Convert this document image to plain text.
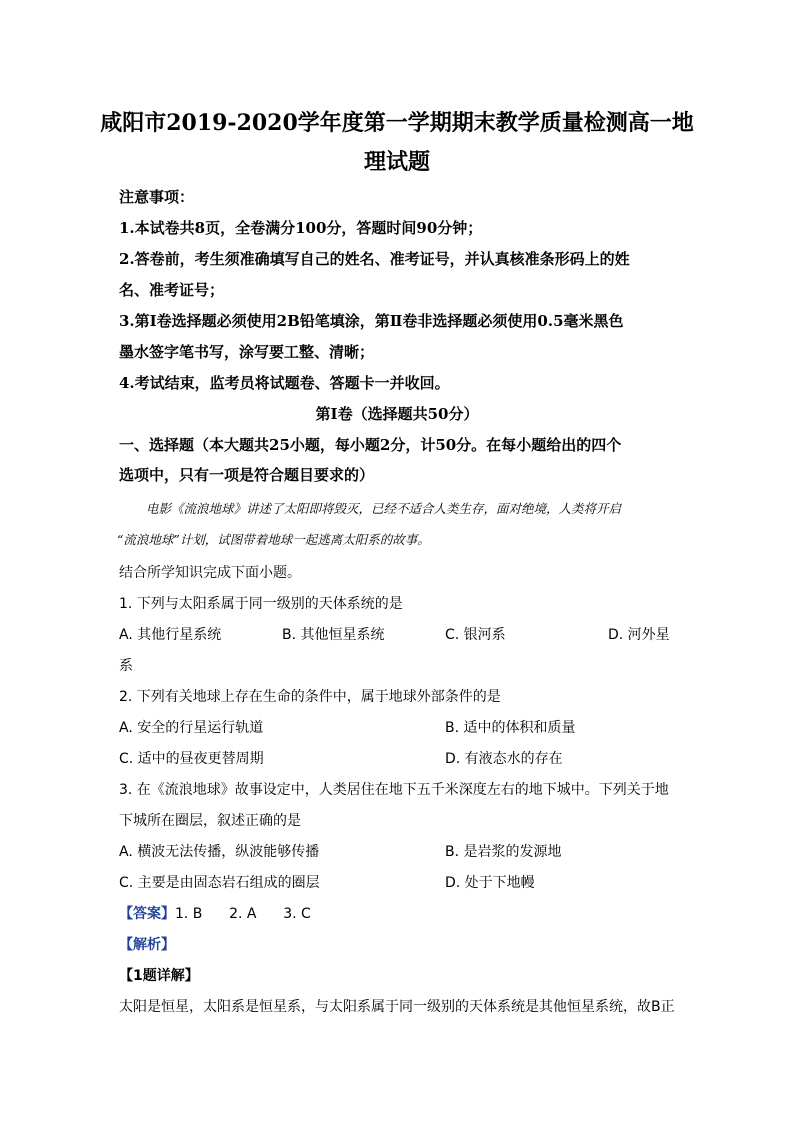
咸阳市2019-2020学年度第一学期期末教学质量检测高一地
理试题
注意事项：
1.本试卷共8页，全卷满分100分，答题时间90分钟；
2.答卷前，考生须准确填写自己的姓名、准考证号，并认真核准条形码上的姓
名、准考证号；
3.第Ⅰ卷选择题必须使用2B铅笔填涂，第Ⅱ卷非选择题必须使用0.5毫米黑色
墨水签字笔书写，涂写要工整、清晰；
4.考试结束，监考员将试题卷、答题卡一并收回。
第Ⅰ卷（选择题共50分）
一、选择题（本大题共25小题，每小题2分，计50分。在每小题给出的四个
选项中，只有一项是符合题目要求的）
电影《流浪地球》讲述了太阳即将毁灭，已经不适合人类生存，面对绝境，人类将开启
“流浪地球”计划，试图带着地球一起逃离太阳系的故事。
结合所学知识完成下面小题。
1. 下列与太阳系属于同一级别的天体系统的是
A. 其他行星系统	B. 其他恒星系统	C. 银河系	D. 河外星
系
2. 下列有关地球上存在生命的条件中，属于地球外部条件的是
A. 安全的行星运行轨道	B. 适中的体积和质量
C. 适中的昼夜更替周期	D. 有液态水的存在
3. 在《流浪地球》故事设定中，人类居住在地下五千米深度左右的地下城中。下列关于地
下城所在圈层，叙述正确的是
A. 横波无法传播，纵波能够传播	B. 是岩浆的发源地
C. 主要是由固态岩石组成的圈层	D. 处于下地幔
【答案】1. B      2. A      3. C
【解析】
【1题详解】
太阳是恒星，太阳系是恒星系，与太阳系属于同一级别的天体系统是其他恒星系统，故B正
